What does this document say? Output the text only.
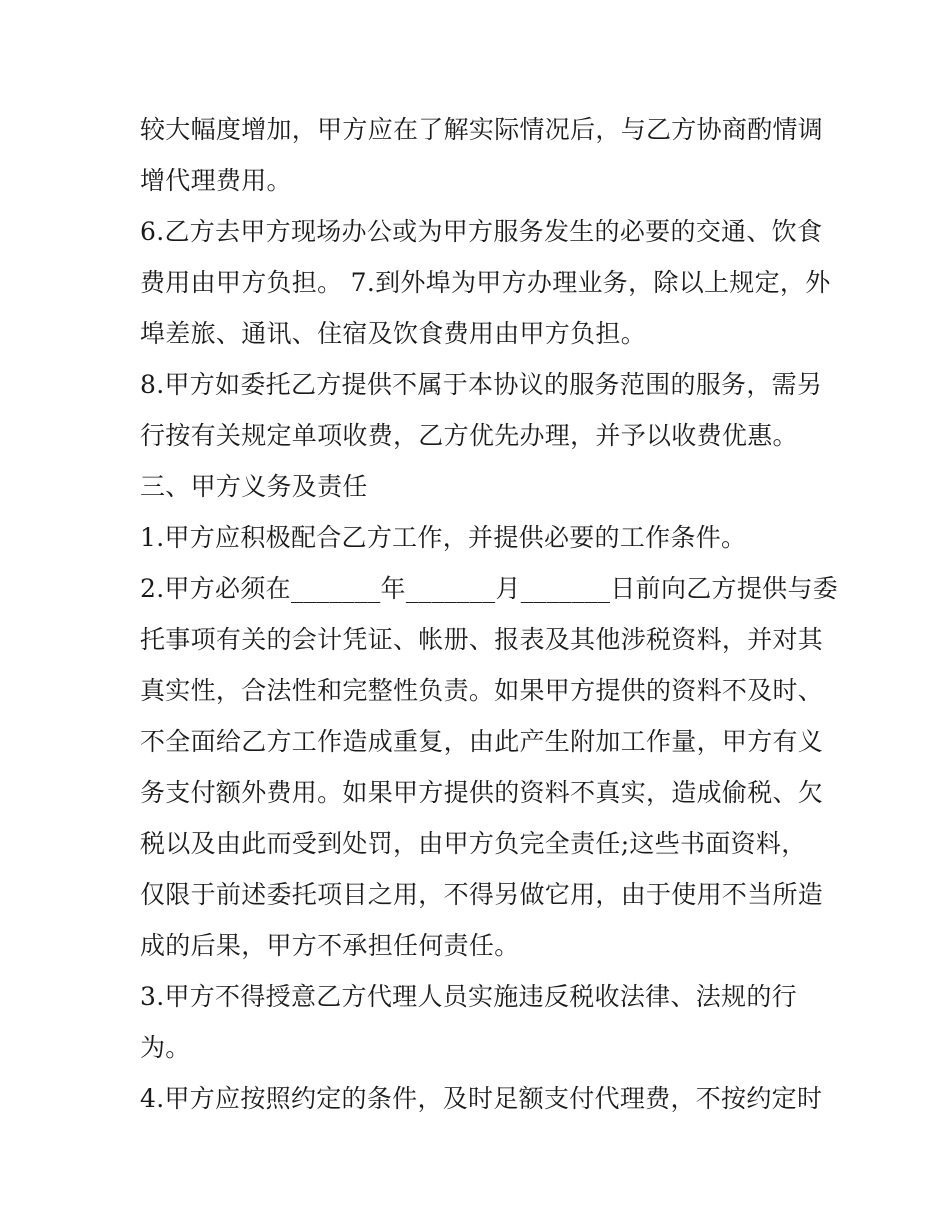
较大幅度增加，甲方应在了解实际情况后，与乙方协商酌情调
增代理费用。
6.乙方去甲方现场办公或为甲方服务发生的必要的交通、饮食
费用由甲方负担。 7.到外埠为甲方办理业务，除以上规定，外
埠差旅、通讯、住宿及饮食费用由甲方负担。
8.甲方如委托乙方提供不属于本协议的服务范围的服务，需另
行按有关规定单项收费，乙方优先办理，并予以收费优惠。
三、甲方义务及责任
1.甲方应积极配合乙方工作，并提供必要的工作条件。
2.甲方必须在_______年_______月_______日前向乙方提供与委
托事项有关的会计凭证、帐册、报表及其他涉税资料，并对其
真实性，合法性和完整性负责。如果甲方提供的资料不及时、
不全面给乙方工作造成重复，由此产生附加工作量，甲方有义
务支付额外费用。如果甲方提供的资料不真实，造成偷税、欠
税以及由此而受到处罚，由甲方负完全责任;这些书面资料，
仅限于前述委托项目之用，不得另做它用，由于使用不当所造
成的后果，甲方不承担任何责任。
3.甲方不得授意乙方代理人员实施违反税收法律、法规的行
为。
4.甲方应按照约定的条件，及时足额支付代理费，不按约定时
